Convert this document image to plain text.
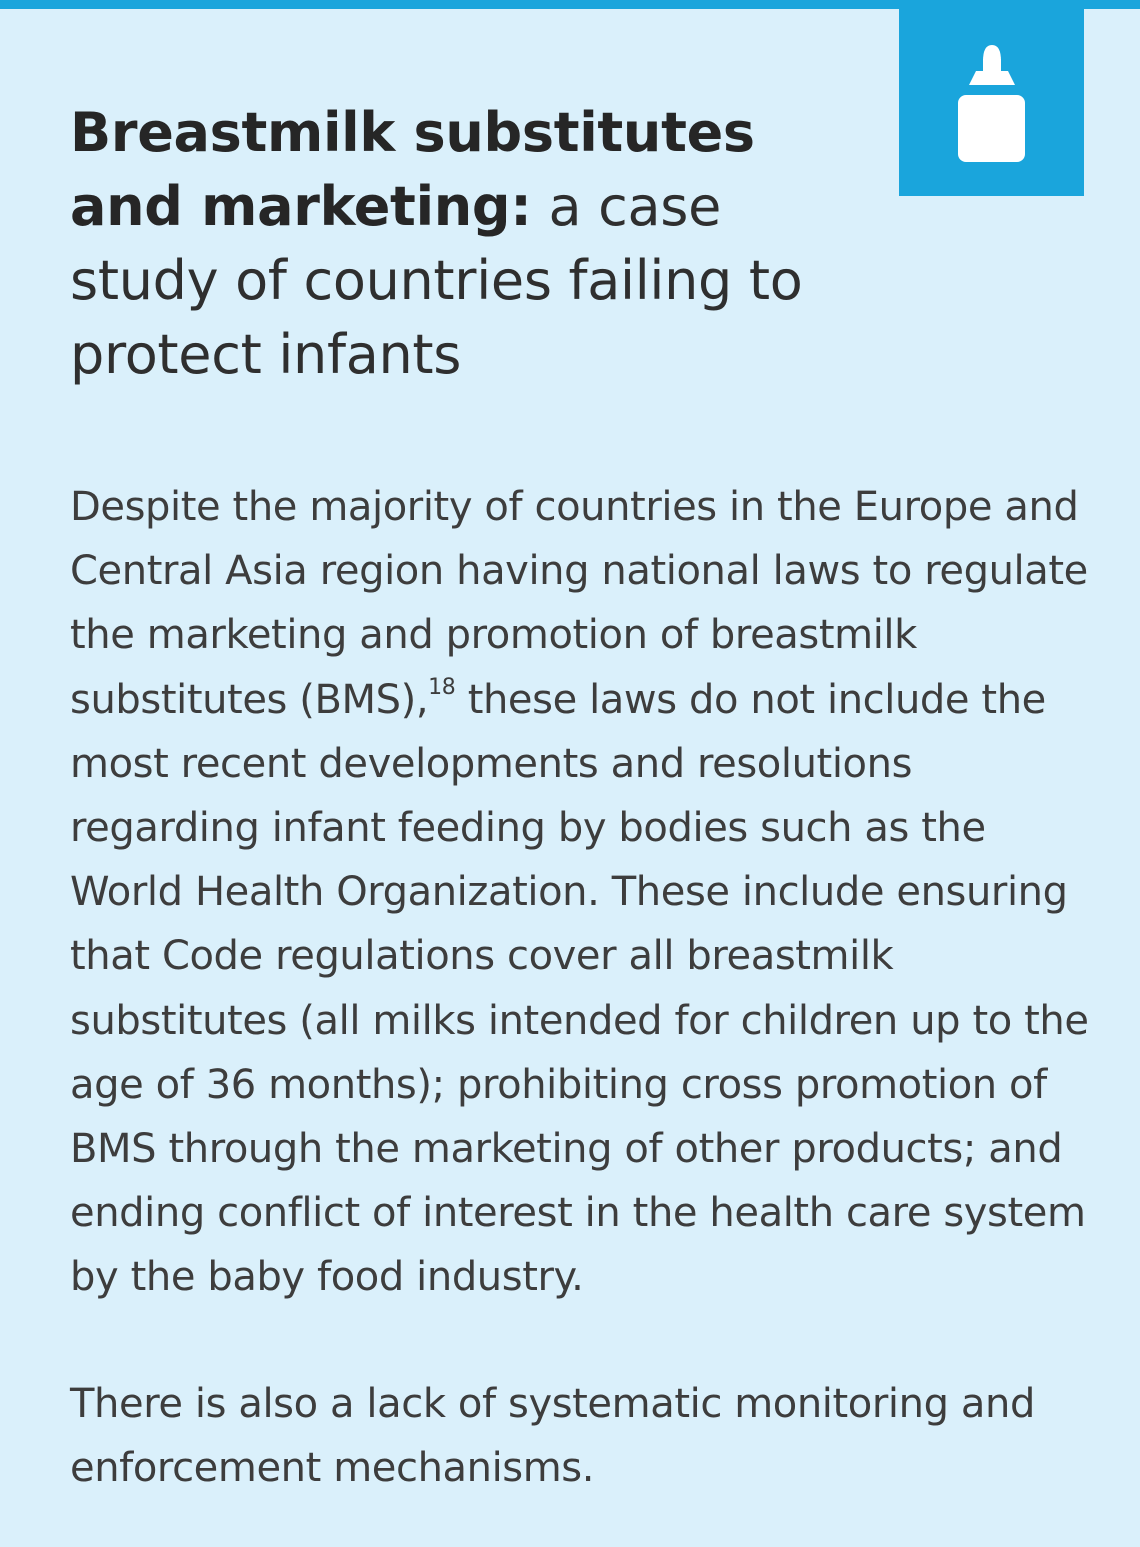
Breastmilk substitutes and marketing: a case study of countries failing to protect infants

Despite the majority of countries in the Europe and Central Asia region having national laws to regulate the marketing and promotion of breastmilk substitutes (BMS),$^{18}$ these laws do not include the most recent developments and resolutions regarding infant feeding by bodies such as the World Health Organization. These include ensuring that Code regulations cover all breastmilk substitutes (all milks intended for children up to the age of 36 months); prohibiting cross promotion of BMS through the marketing of other products; and ending conflict of interest in the health care system by the baby food industry.

There is also a lack of systematic monitoring and enforcement mechanisms.
